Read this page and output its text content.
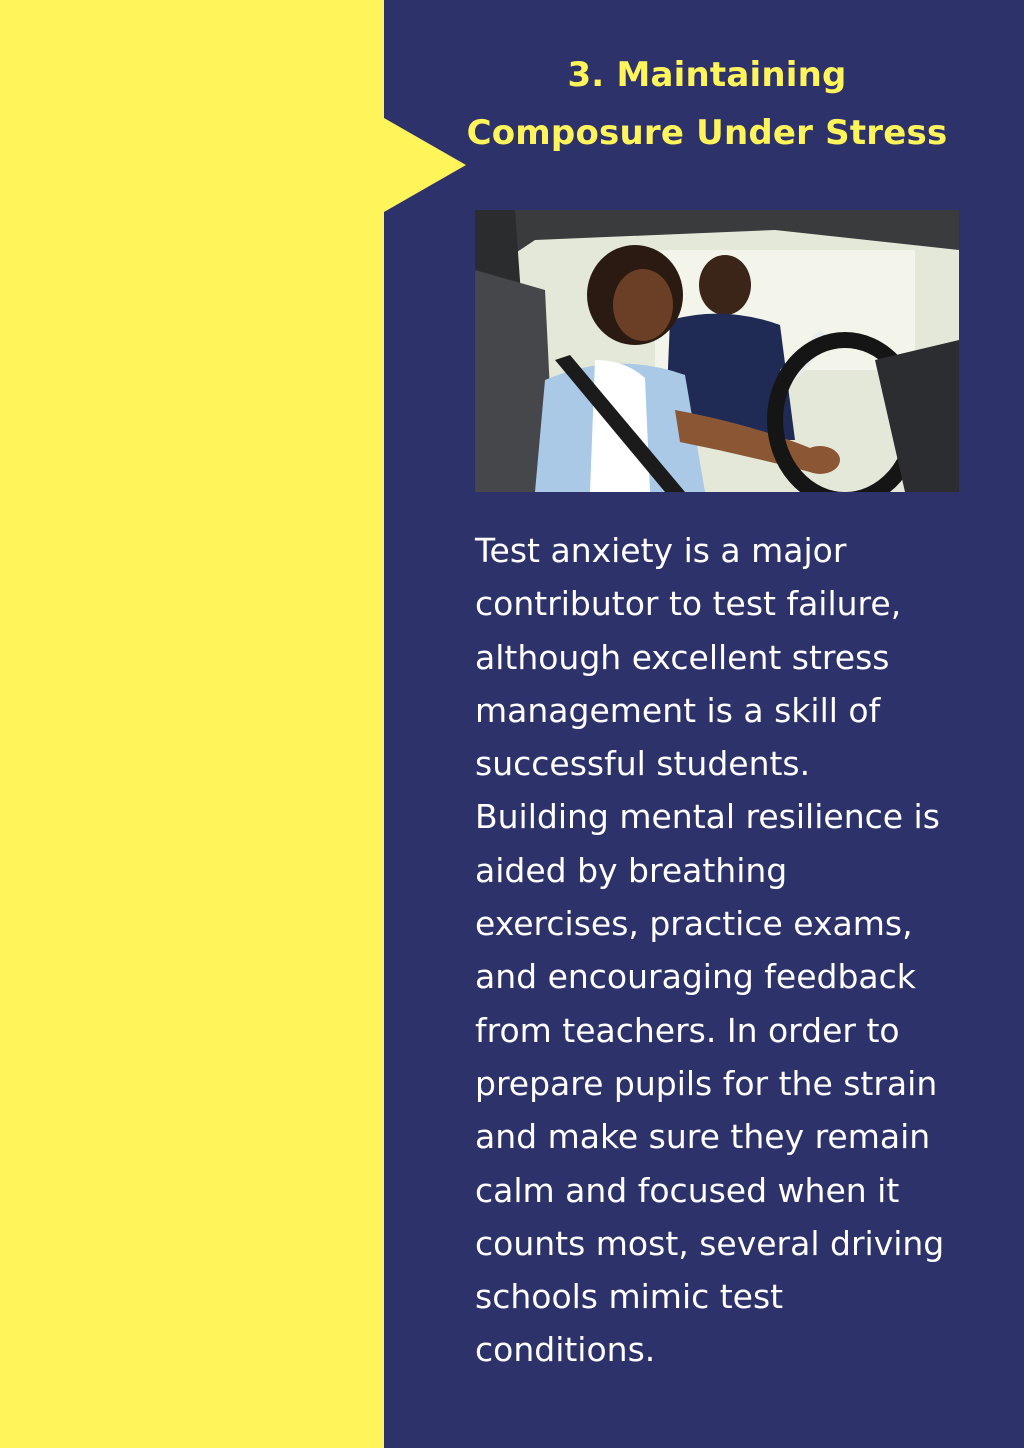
3. Maintaining
Composure Under Stress
Test anxiety is a major
contributor to test failure,
although excellent stress
management is a skill of
successful students.
Building mental resilience is
aided by breathing
exercises, practice exams,
and encouraging feedback
from teachers. In order to
prepare pupils for the strain
and make sure they remain
calm and focused when it
counts most, several driving
schools mimic test
conditions.
